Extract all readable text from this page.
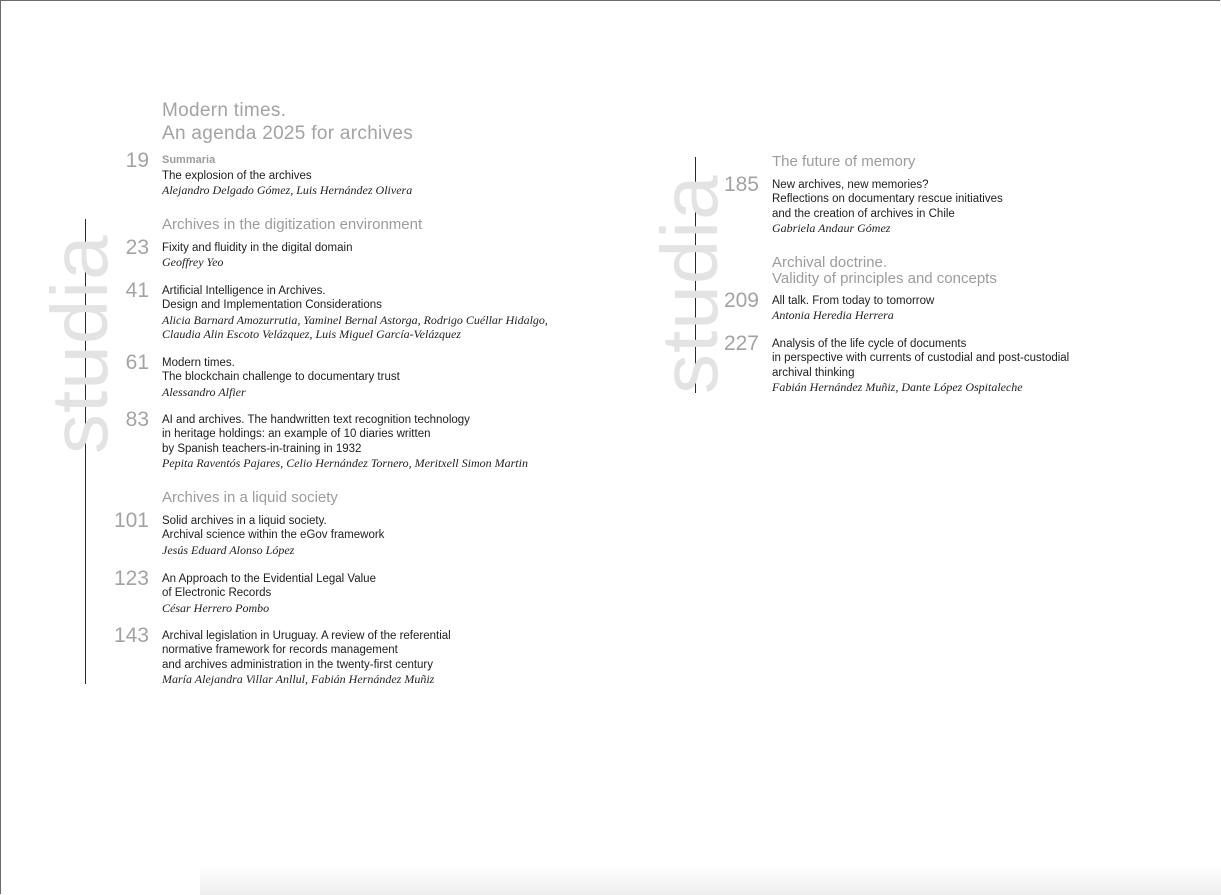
Modern times.
An agenda 2025 for archives
studia
19 Summaria
The explosion of the archives
Alejandro Delgado Gómez, Luis Hernández Olivera
Archives in the digitization environment
23 Fixity and fluidity in the digital domain
Geoffrey Yeo
41 Artificial Intelligence in Archives.
Design and Implementation Considerations
Alicia Barnard Amozurrutia, Yaminel Bernal Astorga, Rodrigo Cuéllar Hidalgo,
Claudia Alin Escoto Velázquez, Luis Miguel García-Velázquez
61 Modern times.
The blockchain challenge to documentary trust
Alessandro Alfier
83 AI and archives. The handwritten text recognition technology
in heritage holdings: an example of 10 diaries written
by Spanish teachers-in-training in 1932
Pepita Raventós Pajares, Celio Hernández Tornero, Meritxell Simon Martin
Archives in a liquid society
101 Solid archives in a liquid society.
Archival science within the eGov framework
Jesús Eduard Alonso López
123 An Approach to the Evidential Legal Value
of Electronic Records
César Herrero Pombo
143 Archival legislation in Uruguay. A review of the referential
normative framework for records management
and archives administration in the twenty-first century
María Alejandra Villar Anllul, Fabián Hernández Muñiz
studia
The future of memory
185 New archives, new memories?
Reflections on documentary rescue initiatives
and the creation of archives in Chile
Gabriela Andaur Gómez
Archival doctrine.
Validity of principles and concepts
209 All talk. From today to tomorrow
Antonia Heredia Herrera
227 Analysis of the life cycle of documents
in perspective with currents of custodial and post-custodial
archival thinking
Fabián Hernández Muñiz, Dante López Ospitaleche
